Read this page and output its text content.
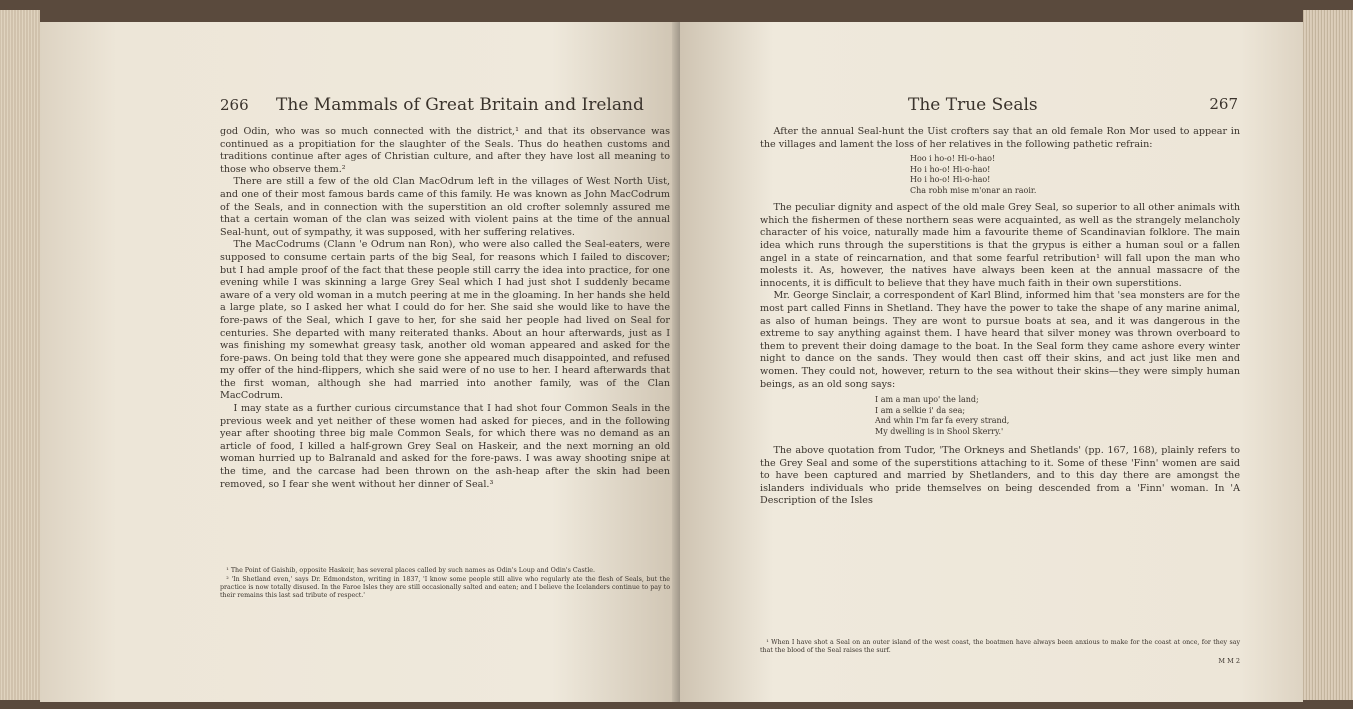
266 The Mammals of Great Britain and Ireland

god Odin, who was so much connected with the district,¹ and that its observance was continued as a propitiation for the slaughter of the Seals. Thus do heathen customs and traditions continue after ages of Christian culture, and after they have lost all meaning to those who observe them.²

There are still a few of the old Clan MacOdrum left in the villages of West North Uist, and one of their most famous bards came of this family. He was known as John MacCodrum of the Seals, and in connection with the superstition an old crofter solemnly assured me that a certain woman of the clan was seized with violent pains at the time of the annual Seal-hunt, out of sympathy, it was supposed, with her suffering relatives.

The MacCodrums (Clann 'e Odrum nan Ron), who were also called the Seal-eaters, were supposed to consume certain parts of the big Seal, for reasons which I failed to discover; but I had ample proof of the fact that these people still carry the idea into practice, for one evening while I was skinning a large Grey Seal which I had just shot I suddenly became aware of a very old woman in a mutch peering at me in the gloaming. In her hands she held a large plate, so I asked her what I could do for her. She said she would like to have the fore-paws of the Seal, which I gave to her, for she said her people had lived on Seal for centuries. She departed with many reiterated thanks. About an hour afterwards, just as I was finishing my somewhat greasy task, another old woman appeared and asked for the fore-paws. On being told that they were gone she appeared much disappointed, and refused my offer of the hind-flippers, which she said were of no use to her. I heard afterwards that the first woman, although she had married into another family, was of the Clan MacCodrum.

I may state as a further curious circumstance that I had shot four Common Seals in the previous week and yet neither of these women had asked for pieces, and in the following year after shooting three big male Common Seals, for which there was no demand as an article of food, I killed a half-grown Grey Seal on Haskeir, and the next morning an old woman hurried up to Balranald and asked for the fore-paws. I was away shooting snipe at the time, and the carcase had been thrown on the ash-heap after the skin had been removed, so I fear she went without her dinner of Seal.³

¹ The Point of Gaishib, opposite Haskeir, has several places called by such names as Odin's Loup and Odin's Castle.

² 'In Shetland even,' says Dr. Edmondston, writing in 1837, 'I know some people still alive who regularly ate the flesh of Seals, but the practice is now totally disused. In the Faroe Isles they are still occasionally salted and eaten; and I believe the Icelanders continue to pay to their remains this last sad tribute of respect.'

The True Seals	267

After the annual Seal-hunt the Uist crofters say that an old female Ron Mor used to appear in the villages and lament the loss of her relatives in the following pathetic refrain:

Hoo i ho-o! Hi-o-hao!
Ho i ho-o! Hi-o-hao!
Ho i ho-o! Hi-o-hao!
Cha robh mise m'onar an raoir.

The peculiar dignity and aspect of the old male Grey Seal, so superior to all other animals with which the fishermen of these northern seas were acquainted, as well as the strangely melancholy character of his voice, naturally made him a favourite theme of Scandinavian folklore. The main idea which runs through the superstitions is that the grypus is either a human soul or a fallen angel in a state of reincarnation, and that some fearful retribution¹ will fall upon the man who molests it. As, however, the natives have always been keen at the annual massacre of the innocents, it is difficult to believe that they have much faith in their own superstitions.

Mr. George Sinclair, a correspondent of Karl Blind, informed him that 'sea monsters are for the most part called Finns in Shetland. They have the power to take the shape of any marine animal, as also of human beings. They are wont to pursue boats at sea, and it was dangerous in the extreme to say anything against them. I have heard that silver money was thrown overboard to them to prevent their doing damage to the boat. In the Seal form they came ashore every winter night to dance on the sands. They would then cast off their skins, and act just like men and women. They could not, however, return to the sea without their skins—they were simply human beings, as an old song says:

I am a man upo' the land;
I am a selkie i' da sea;
And whin I'm far fa every strand,
My dwelling is in Shool Skerry.'

The above quotation from Tudor, 'The Orkneys and Shetlands' (pp. 167, 168), plainly refers to the Grey Seal and some of the superstitions attaching to it. Some of these 'Finn' women are said to have been captured and married by Shetlanders, and to this day there are amongst the islanders individuals who pride themselves on being descended from a 'Finn' woman. In 'A Description of the Isles

¹ When I have shot a Seal on an outer island of the west coast, the boatmen have always been anxious to make for the coast at once, for they say that the blood of the Seal raises the surf.

M M 2
